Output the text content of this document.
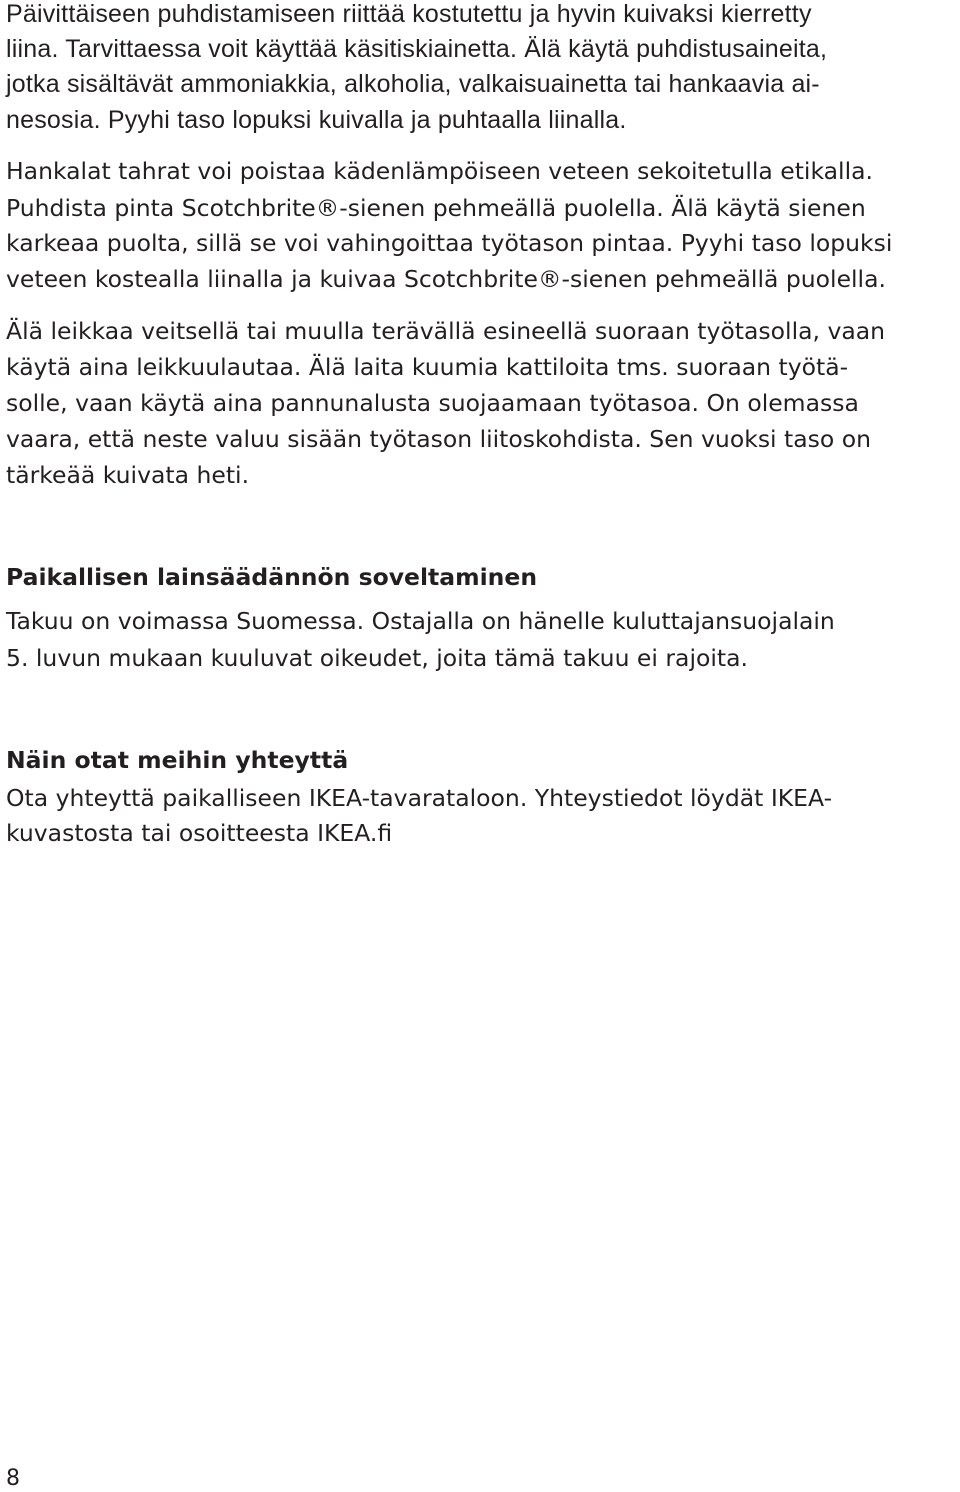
Päivittäiseen puhdistamiseen riittää kostutettu ja hyvin kuivaksi kierretty
liina. Tarvittaessa voit käyttää käsitiskiainetta. Älä käytä puhdistusaineita,
jotka sisältävät ammoniakkia, alkoholia, valkaisuainetta tai hankaavia ai-
nesosia. Pyyhi taso lopuksi kuivalla ja puhtaalla liinalla.
Hankalat tahrat voi poistaa kädenlämpöiseen veteen sekoitetulla etikalla.
Puhdista pinta Scotchbrite®-sienen pehmeällä puolella. Älä käytä sienen
karkeaa puolta, sillä se voi vahingoittaa työtason pintaa. Pyyhi taso lopuksi
veteen kostealla liinalla ja kuivaa Scotchbrite®-sienen pehmeällä puolella.
Älä leikkaa veitsellä tai muulla terävällä esineellä suoraan työtasolla, vaan
käytä aina leikkuulautaa. Älä laita kuumia kattiloita tms. suoraan työtä-
solle, vaan käytä aina pannunalusta suojaamaan työtasoa. On olemassa
vaara, että neste valuu sisään työtason liitoskohdista. Sen vuoksi taso on
tärkeää kuivata heti.
Paikallisen lainsäädännön soveltaminen
Takuu on voimassa Suomessa. Ostajalla on hänelle kuluttajansuojalain
5. luvun mukaan kuuluvat oikeudet, joita tämä takuu ei rajoita.
Näin otat meihin yhteyttä
Ota yhteyttä paikalliseen IKEA-tavarataloon. Yhteystiedot löydät IKEA-
kuvastosta tai osoitteesta IKEA.fi
8
